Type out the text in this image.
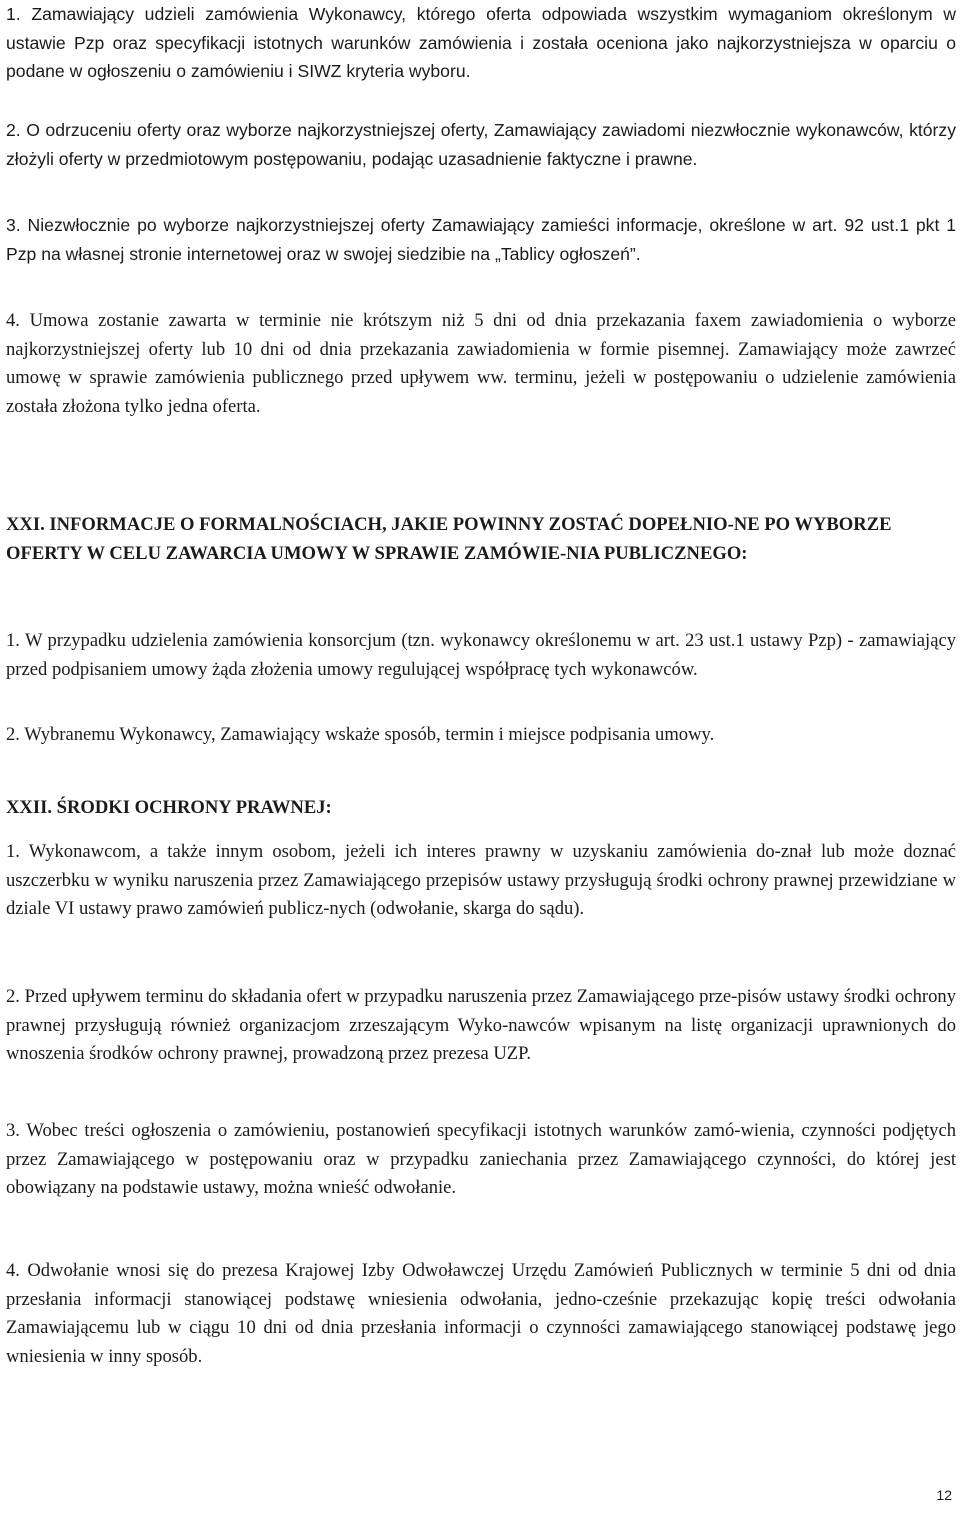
1. Zamawiający udzieli zamówienia Wykonawcy, którego oferta odpowiada wszystkim wymaganiom określonym w ustawie Pzp oraz specyfikacji istotnych warunków zamówienia i została oceniona jako najkorzystniejsza w oparciu o podane w ogłoszeniu o zamówieniu i SIWZ kryteria wyboru.

2. O odrzuceniu oferty oraz wyborze najkorzystniejszej oferty, Zamawiający zawiadomi niezwłocznie wykonawców, którzy złożyli oferty w przedmiotowym postępowaniu, podając uzasadnienie faktyczne i prawne.

3. Niezwłocznie po wyborze najkorzystniejszej oferty Zamawiający zamieści informacje, określone w art. 92 ust.1 pkt 1 Pzp na własnej stronie internetowej oraz w swojej siedzibie na „Tablicy ogłoszeń”.

4. Umowa zostanie zawarta w terminie nie krótszym niż 5 dni od dnia przekazania faxem zawiadomienia o wyborze najkorzystniejszej oferty lub 10 dni od dnia przekazania zawiadomienia w formie pisemnej. Zamawiający może zawrzeć umowę w sprawie zamówienia publicznego przed upływem ww. terminu, jeżeli w postępowaniu o udzielenie zamówienia została złożona tylko jedna oferta.

XXI. INFORMACJE O FORMALNOŚCIACH, JAKIE POWINNY ZOSTAĆ DOPEŁNIO-NE PO WYBORZE OFERTY W CELU ZAWARCIA UMOWY W SPRAWIE ZAMÓWIE-NIA PUBLICZNEGO:

1. W przypadku udzielenia zamówienia konsorcjum (tzn. wykonawcy określonemu w art. 23 ust.1 ustawy Pzp) - zamawiający przed podpisaniem umowy żąda złożenia umowy regulującej współpracę tych wykonawców.

2. Wybranemu Wykonawcy, Zamawiający wskaże sposób, termin i miejsce podpisania umowy.

XXII. ŚRODKI OCHRONY PRAWNEJ:

1. Wykonawcom, a także innym osobom, jeżeli ich interes prawny w uzyskaniu zamówienia do-znał lub może doznać uszczerbku w wyniku naruszenia przez Zamawiającego przepisów ustawy przysługują środki ochrony prawnej przewidziane w dziale VI ustawy prawo zamówień publicz-nych (odwołanie, skarga do sądu).

2. Przed upływem terminu do składania ofert w przypadku naruszenia przez Zamawiającego prze-pisów ustawy środki ochrony prawnej przysługują również organizacjom zrzeszającym Wyko-nawców wpisanym na listę organizacji uprawnionych do wnoszenia środków ochrony prawnej, prowadzoną przez prezesa UZP.

3. Wobec treści ogłoszenia o zamówieniu, postanowień specyfikacji istotnych warunków zamó-wienia, czynności podjętych przez Zamawiającego w postępowaniu oraz w przypadku zaniechania przez Zamawiającego czynności, do której jest obowiązany na podstawie ustawy, można wnieść odwołanie.

4. Odwołanie wnosi się do prezesa Krajowej Izby Odwoławczej Urzędu Zamówień Publicznych w terminie 5 dni od dnia przesłania informacji stanowiącej podstawę wniesienia odwołania, jedno-cześnie przekazując kopię treści odwołania Zamawiającemu lub w ciągu 10 dni od dnia przesłania informacji o czynności zamawiającego stanowiącej podstawę jego wniesienia w inny sposób.

12
